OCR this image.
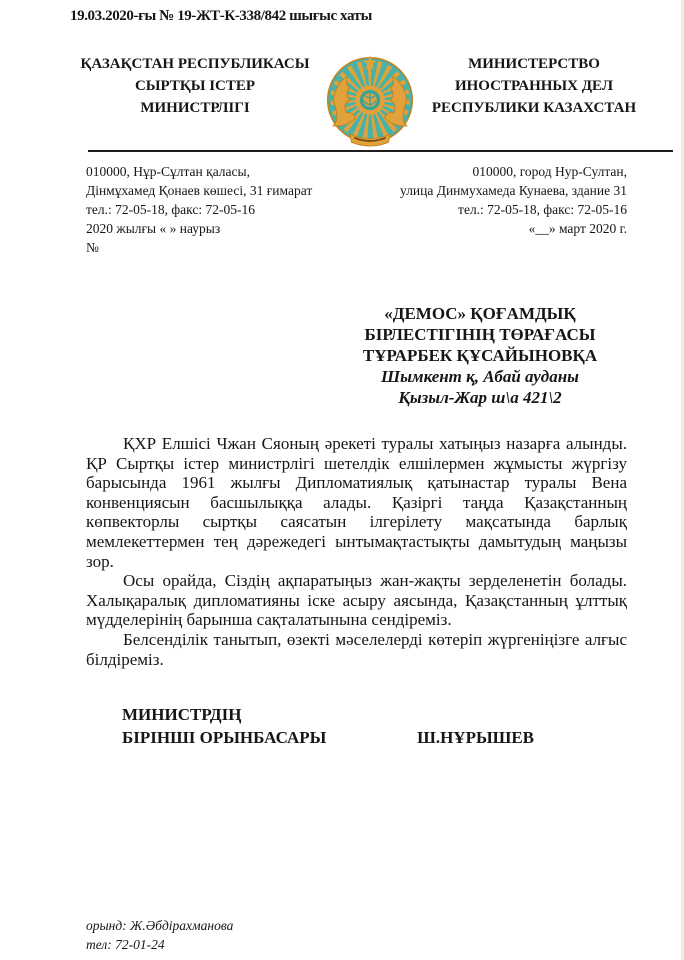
19.03.2020-ғы № 19-ЖТ-К-338/842 шығыс хаты
ҚАЗАҚСТАН РЕСПУБЛИКАСЫ
СЫРТҚЫ ІСТЕР
МИНИСТРЛІГІ
МИНИСТЕРСТВО
ИНОСТРАННЫХ ДЕЛ
РЕСПУБЛИКИ КАЗАХСТАН
010000, Нұр-Сұлтан қаласы,
Дінмұхамед Қонаев көшесі, 31 ғимарат
тел.: 72-05-18, факс: 72-05-16
2020 жылғы « » наурыз
№
010000, город Нур-Султан,
улица Динмухамеда Кунаева, здание 31
тел.: 72-05-18, факс: 72-05-16
«__» март 2020 г.
«ДЕМОС» ҚОҒАМДЫҚ
БІРЛЕСТІГІНІҢ ТӨРАҒАСЫ
ТҰРАРБЕК ҚҰСАЙЫНОВҚА
Шымкент қ, Абай ауданы
Қызыл-Жар ш\а 421\2

ҚХР Елшісі Чжан Сяоның әрекеті туралы хатыңыз назарға алынды. ҚР Сыртқы істер министрлігі шетелдік елшілермен жұмысты жүргізу барысында 1961 жылғы Дипломатиялық қатынастар туралы Вена конвенциясын басшылыққа алады. Қазіргі таңда Қазақстанның көпвекторлы сыртқы саясатын ілгерілету мақсатында барлық мемлекеттермен тең дәрежедегі ынтымақтастықты дамытудың маңызы зор.

Осы орайда, Сіздің ақпаратыңыз жан-жақты зерделенетін болады. Халықаралық дипломатияны іске асыру аясында, Қазақстанның ұлттық мүдделерінің барынша сақталатынына сендіреміз.

Белсенділік танытып, өзекті мәселелерді көтеріп жүргеніңізге алғыс білдіреміз.

МИНИСТРДІҢ
БІРІНШІ ОРЫНБАСАРЫ	Ш.НҰРЫШЕВ
орынд: Ж.Әбдірахманова
тел: 72-01-24
